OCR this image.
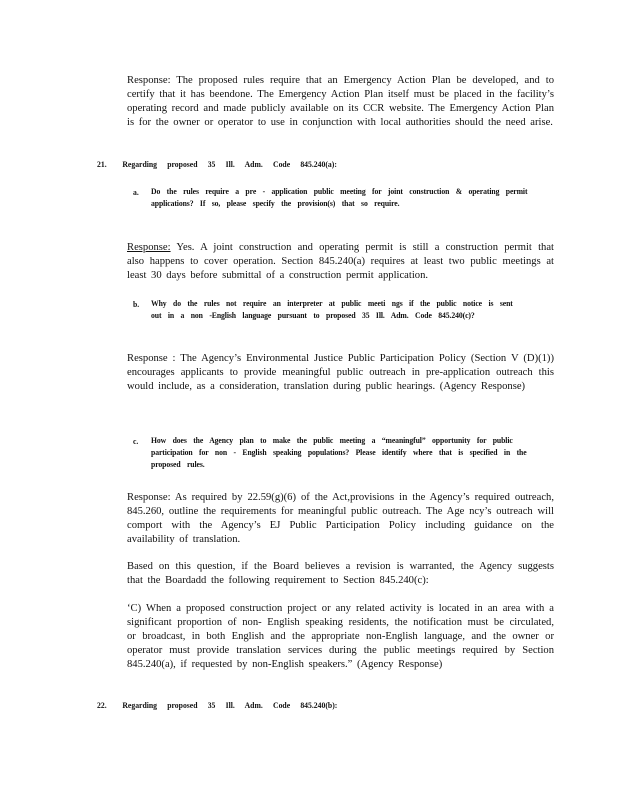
Response: The proposed rules require that an Emergency Action Plan be developed, and to certify that it has beendone. The Emergency Action Plan itself must be placed in the facility’s operating record and made publicly available on its CCR website. The Emergency Action Plan is for the owner or operator to use in conjunction with local authorities should the need arise.
21. Regarding proposed 35 Ill. Adm. Code 845.240(a):
a. Do the rules require a pre - application public meeting for joint construction & operating permit applications? If so, please specify the provision(s) that so require.
Response: Yes. A joint construction and operating permit is still a construction permit that also happens to cover operation. Section 845.240(a) requires at least two public meetings at least 30 days before submittal of a construction permit application.
b. Why do the rules not require an interpreter at public meeti ngs if the public notice is sent out in a non -English language pursuant to proposed 35 Ill. Adm. Code 845.240(c)?
Response : The Agency’s Environmental Justice Public Participation Policy (Section V (D)(1)) encourages applicants to provide meaningful public outreach in pre-application outreach this would include, as a consideration, translation during public hearings. (Agency Response)
c. How does the Agency plan to make the public meeting a “meaningful” opportunity for public participation for non - English speaking populations? Please identify where that is specified in the proposed rules.
Response: As required by 22.59(g)(6) of the Act,provisions in the Agency’s required outreach, 845.260, outline the requirements for meaningful public outreach. The Age ncy’s outreach will comport with the Agency’s EJ Public Participation Policy including guidance on the availability of translation.
Based on this question, if the Board believes a revision is warranted, the Agency suggests that the Boardadd the following requirement to Section 845.240(c):
‘C) When a proposed construction project or any related activity is located in an area with a significant proportion of non- English speaking residents, the notification must be circulated, or broadcast, in both English and the appropriate non-English language, and the owner or operator must provide translation services during the public meetings required by Section 845.240(a), if requested by non-English speakers.” (Agency Response)
22. Regarding proposed 35 Ill. Adm. Code 845.240(b):
